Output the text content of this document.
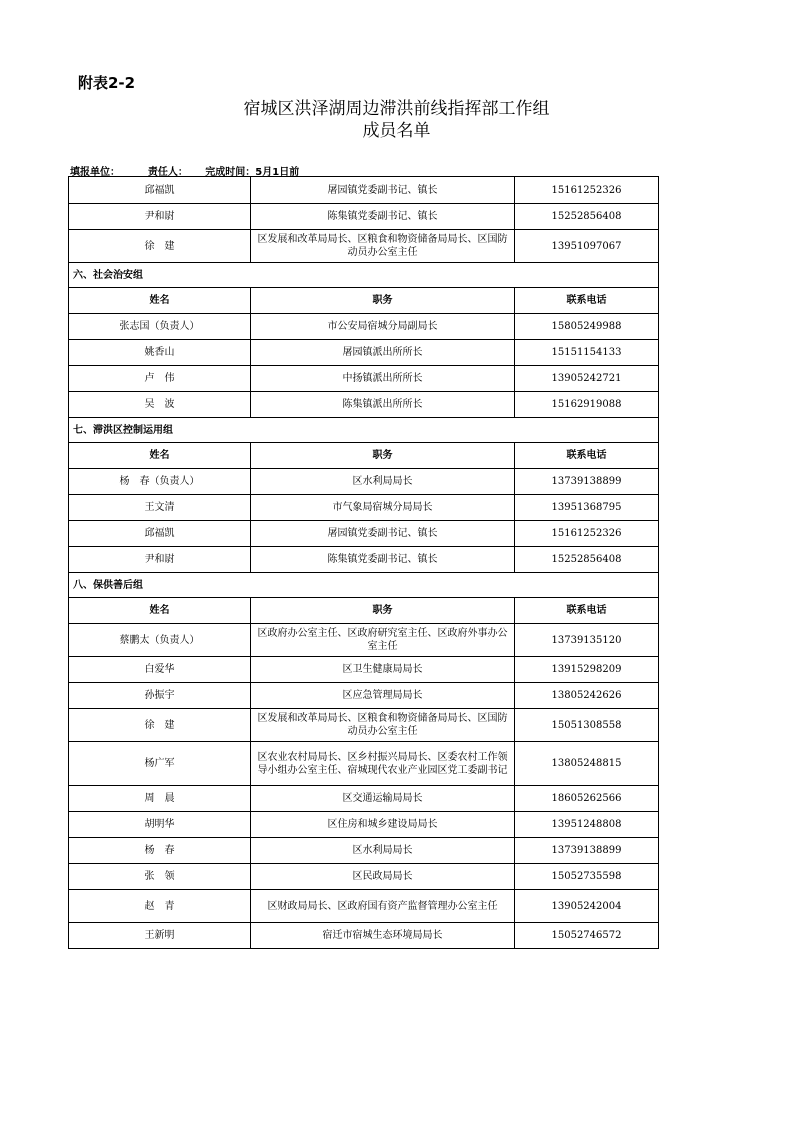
附表2-2
宿城区洪泽湖周边滞洪前线指挥部工作组
成员名单
填报单位：	责任人： 完成时间：5月1日前
邱福凯	屠园镇党委副书记、镇长	15161252326
尹和尉	陈集镇党委副书记、镇长	15252856408
徐　建	区发展和改革局局长、区粮食和物资储备局局长、区国防动员办公室主任	13951097067
六、社会治安组		
姓名	职务	联系电话
张志国（负责人）	市公安局宿城分局副局长	15805249988
姚香山	屠园镇派出所所长	15151154133
卢　伟	中扬镇派出所所长	13905242721
吴　波	陈集镇派出所所长	15162919088
七、滞洪区控制运用组		
姓名	职务	联系电话
杨　春（负责人）	区水利局局长	13739138899
王文清	市气象局宿城分局局长	13951368795
邱福凯	屠园镇党委副书记、镇长	15161252326
尹和尉	陈集镇党委副书记、镇长	15252856408
八、保供善后组		
姓名	职务	联系电话
蔡鹏太（负责人）	区政府办公室主任、区政府研究室主任、区政府外事办公室主任	13739135120
白爱华	区卫生健康局局长	13915298209
孙振宇	区应急管理局局长	13805242626
徐　建	区发展和改革局局长、区粮食和物资储备局局长、区国防动员办公室主任	15051308558
杨广军	区农业农村局局长、区乡村振兴局局长、区委农村工作领导小组办公室主任、宿城现代农业产业园区党工委副书记	13805248815
周　晨	区交通运输局局长	18605262566
胡明华	区住房和城乡建设局局长	13951248808
杨　春	区水利局局长	13739138899
张　领	区民政局局长	15052735598
赵　青	区财政局局长、区政府国有资产监督管理办公室主任	13905242004
王新明	宿迁市宿城生态环境局局长	15052746572
